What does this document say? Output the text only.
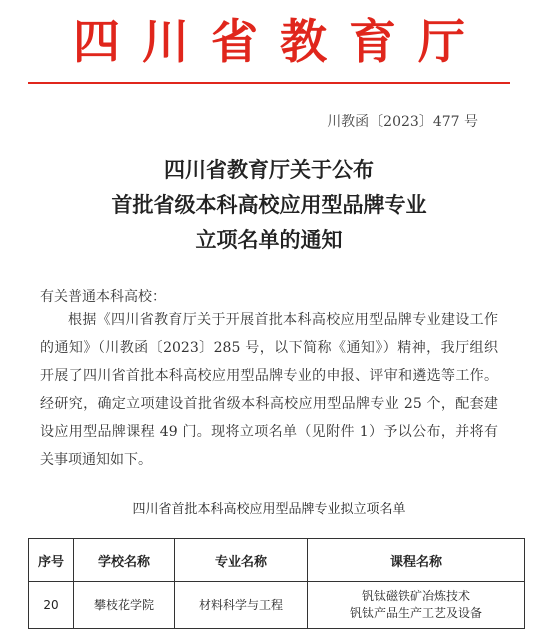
四川省教育厅
川教函〔2023〕477 号
四川省教育厅关于公布
首批省级本科高校应用型品牌专业
立项名单的通知
有关普通本科高校：
根据《四川省教育厅关于开展首批本科高校应用型品牌专业建设工作的通知》（川教函〔2023〕285 号，以下简称《通知》）精神，我厅组织开展了四川省首批本科高校应用型品牌专业的申报、评审和遴选等工作。经研究，确定立项建设首批省级本科高校应用型品牌专业 25 个，配套建设应用型品牌课程 49 门。现将立项名单（见附件 1）予以公布，并将有关事项通知如下。
四川省首批本科高校应用型品牌专业拟立项名单
序号	学校名称	专业名称	课程名称
20	攀枝花学院	材料科学与工程	钒钛磁铁矿冶炼技术
钒钛产品生产工艺及设备
